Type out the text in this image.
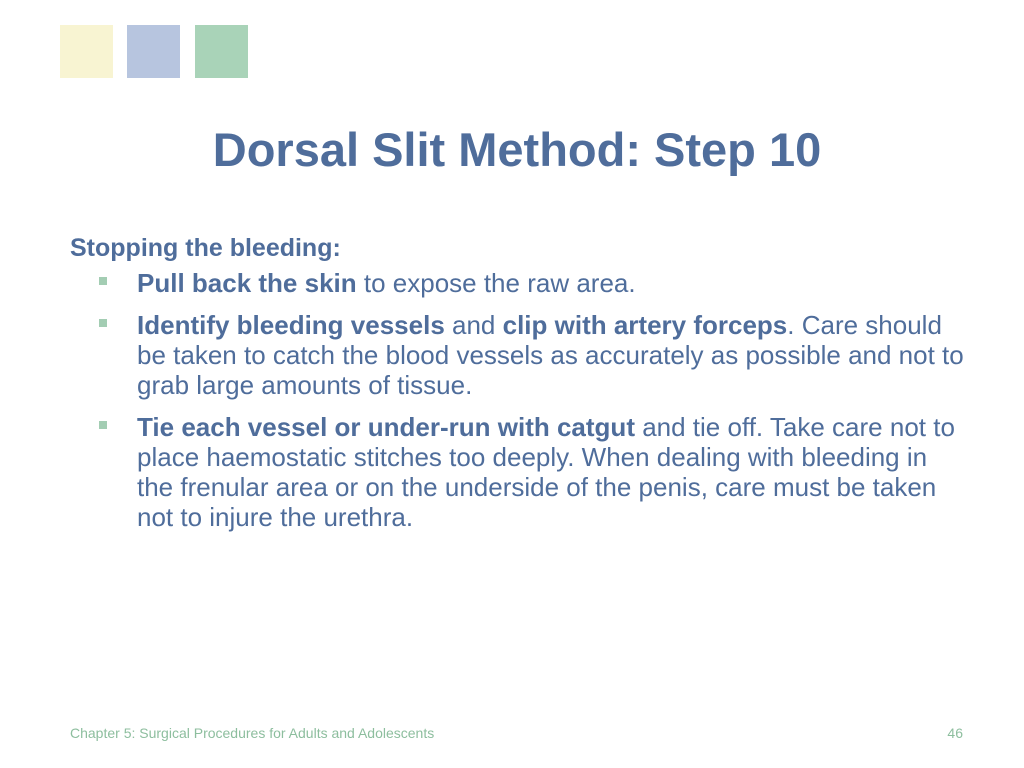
Dorsal Slit Method: Step 10

Stopping the bleeding:

Pull back the skin to expose the raw area.
Identify bleeding vessels and clip with artery forceps. Care should be taken to catch the blood vessels as accurately as possible and not to grab large amounts of tissue.
Tie each vessel or under-run with catgut and tie off. Take care not to place haemostatic stitches too deeply. When dealing with bleeding in the frenular area or on the underside of the penis, care must be taken not to injure the urethra.
Chapter 5: Surgical Procedures for Adults and Adolescents	46
